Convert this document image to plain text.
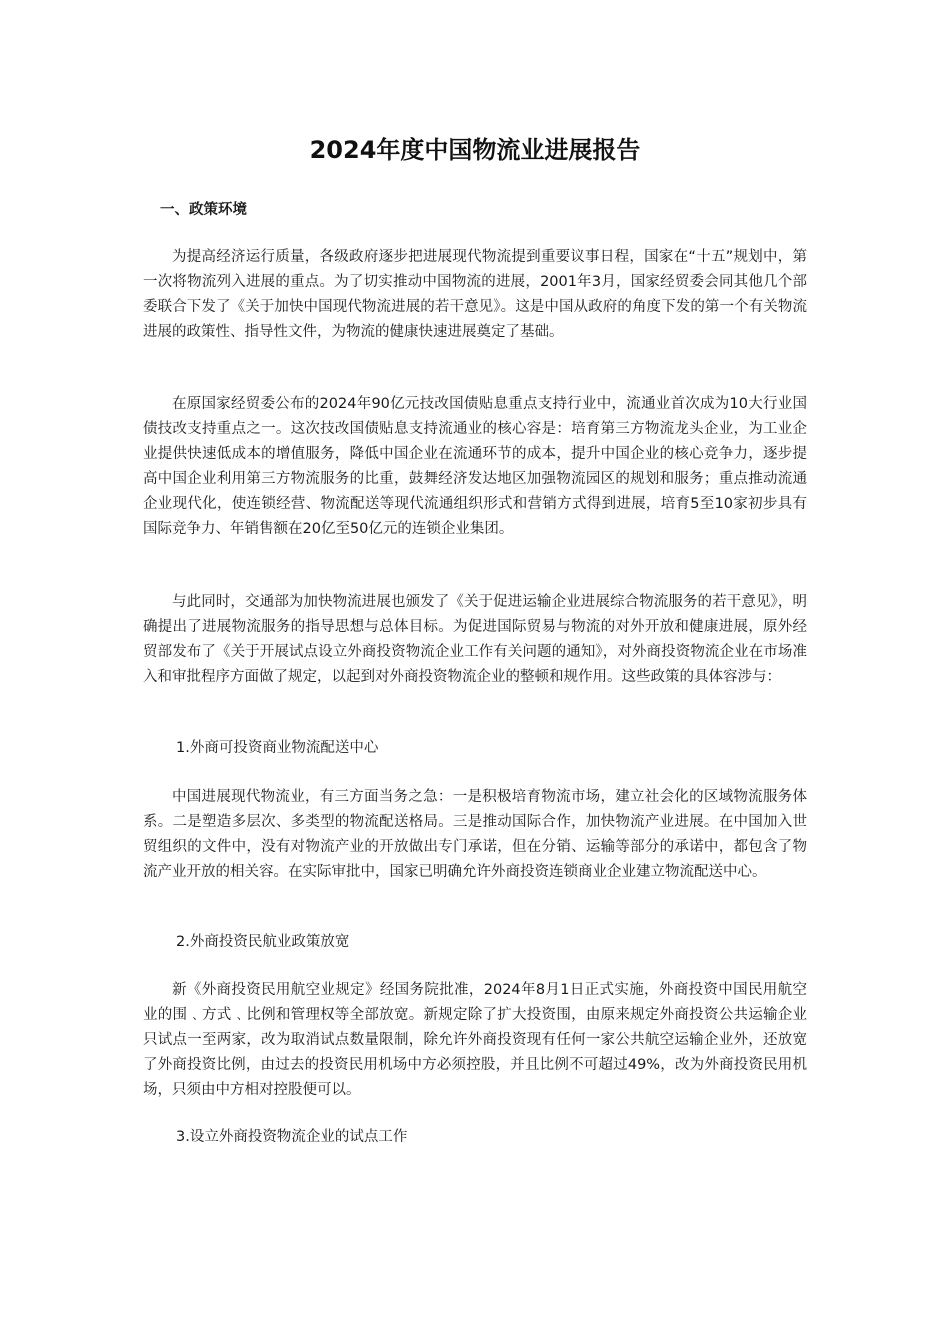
2024年度中国物流业进展报告
一、政策环境

为提高经济运行质量，各级政府逐步把进展现代物流提到重要议事日程，国家在“十五”规划中，第一次将物流列入进展的重点。为了切实推动中国物流的进展，2001年3月，国家经贸委会同其他几个部委联合下发了《关于加快中国现代物流进展的若干意见》。这是中国从政府的角度下发的第一个有关物流进展的政策性、指导性文件，为物流的健康快速进展奠定了基础。

在原国家经贸委公布的2024年90亿元技改国债贴息重点支持行业中，流通业首次成为10大行业国债技改支持重点之一。这次技改国债贴息支持流通业的核心容是：培育第三方物流龙头企业，为工业企业提供快速低成本的增值服务，降低中国企业在流通环节的成本，提升中国企业的核心竞争力，逐步提高中国企业利用第三方物流服务的比重，鼓舞经济发达地区加强物流园区的规划和服务；重点推动流通企业现代化，使连锁经营、物流配送等现代流通组织形式和营销方式得到进展，培育5至10家初步具有国际竞争力、年销售额在20亿至50亿元的连锁企业集团。

与此同时，交通部为加快物流进展也颁发了《关于促进运输企业进展综合物流服务的若干意见》，明确提出了进展物流服务的指导思想与总体目标。为促进国际贸易与物流的对外开放和健康进展，原外经贸部发布了《关于开展试点设立外商投资物流企业工作有关问题的通知》，对外商投资物流企业在市场准入和审批程序方面做了规定，以起到对外商投资物流企业的整顿和规作用。这些政策的具体容涉与：

1.外商可投资商业物流配送中心

中国进展现代物流业，有三方面当务之急：一是积极培育物流市场，建立社会化的区域物流服务体系。二是塑造多层次、多类型的物流配送格局。三是推动国际合作，加快物流产业进展。在中国加入世贸组织的文件中，没有对物流产业的开放做出专门承诺，但在分销、运输等部分的承诺中，都包含了物流产业开放的相关容。在实际审批中，国家已明确允许外商投资连锁商业企业建立物流配送中心。

2.外商投资民航业政策放宽

新《外商投资民用航空业规定》经国务院批准，2024年8月1日正式实施，外商投资中国民用航空业的围﹑方式﹑比例和管理权等全部放宽。新规定除了扩大投资围，由原来规定外商投资公共运输企业只试点一至两家，改为取消试点数量限制，除允许外商投资现有任何一家公共航空运输企业外，还放宽了外商投资比例，由过去的投资民用机场中方必须控股，并且比例不可超过49%，改为外商投资民用机场，只须由中方相对控股便可以。

3.设立外商投资物流企业的试点工作
